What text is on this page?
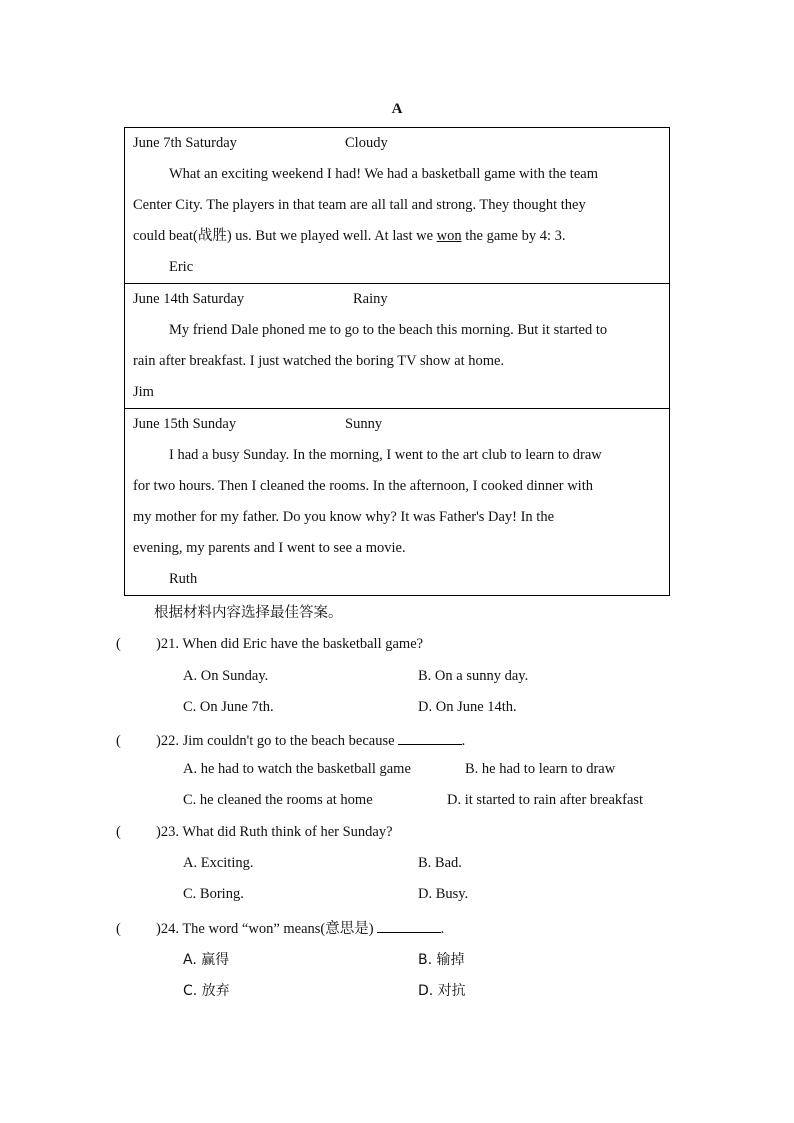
A
June 7th Saturday	Cloudy
What an exciting weekend I had! We had a basketball game with the team
Center City. The players in that team are all tall and strong. They thought they
could beat(战胜) us. But we played well. At last we won the game by 4: 3.
Eric
June 14th Saturday	Rainy
My friend Dale phoned me to go to the beach this morning. But it started to
rain after breakfast. I just watched the boring TV show at home.
Jim
June 15th Sunday	Sunny
I had a busy Sunday. In the morning, I went to the art club to learn to draw
for two hours. Then I cleaned the rooms. In the afternoon, I cooked dinner with
my mother for my father. Do you know why? It was Father's Day! In the
evening, my parents and I went to see a movie.
Ruth
根据材料内容选择最佳答案。
( )21. When did Eric have the basketball game?
A. On Sunday.	B. On a sunny day.
C. On June 7th.	D. On June 14th.
( )22. Jim couldn't go to the beach because	.
A. he had to watch the basketball game	B. he had to learn to draw
C. he cleaned the rooms at home	D. it started to rain after breakfast
( )23. What did Ruth think of her Sunday?
A. Exciting.	B. Bad.
C. Boring.	D. Busy.
( )24. The word “won” means(意思是)	.
A. 赢得	B. 输掉
C. 放弃	D. 对抗
